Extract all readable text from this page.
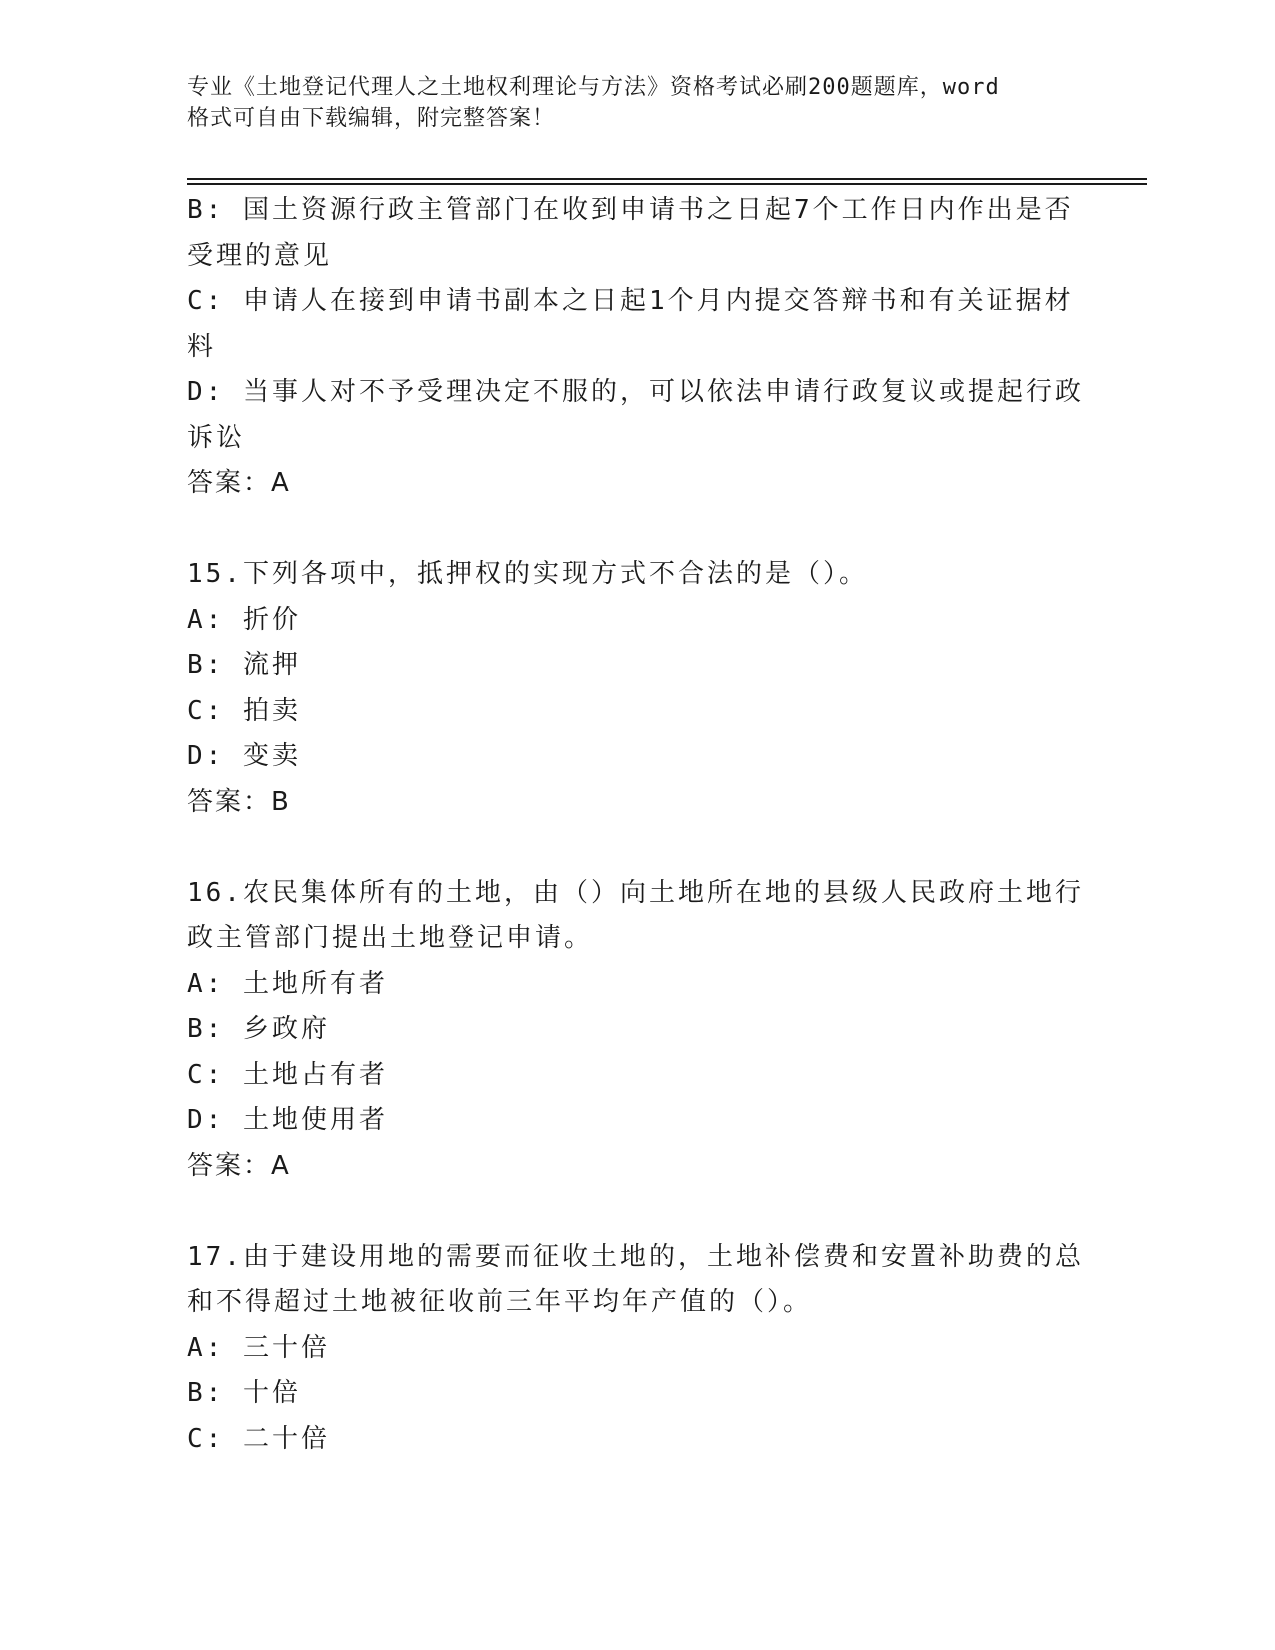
专业《土地登记代理人之土地权利理论与方法》资格考试必刷200题题库，word
格式可自由下载编辑，附完整答案！
B: 国土资源行政主管部门在收到申请书之日起7个工作日内作出是否
受理的意见
C: 申请人在接到申请书副本之日起1个月内提交答辩书和有关证据材
料
D: 当事人对不予受理决定不服的，可以依法申请行政复议或提起行政
诉讼
答案：A
15.下列各项中，抵押权的实现方式不合法的是（）。
A: 折价
B: 流押
C: 拍卖
D: 变卖
答案：B
16.农民集体所有的土地，由（）向土地所在地的县级人民政府土地行
政主管部门提出土地登记申请。
A: 土地所有者
B: 乡政府
C: 土地占有者
D: 土地使用者
答案：A
17.由于建设用地的需要而征收土地的，土地补偿费和安置补助费的总
和不得超过土地被征收前三年平均年产值的（）。
A: 三十倍
B: 十倍
C: 二十倍
